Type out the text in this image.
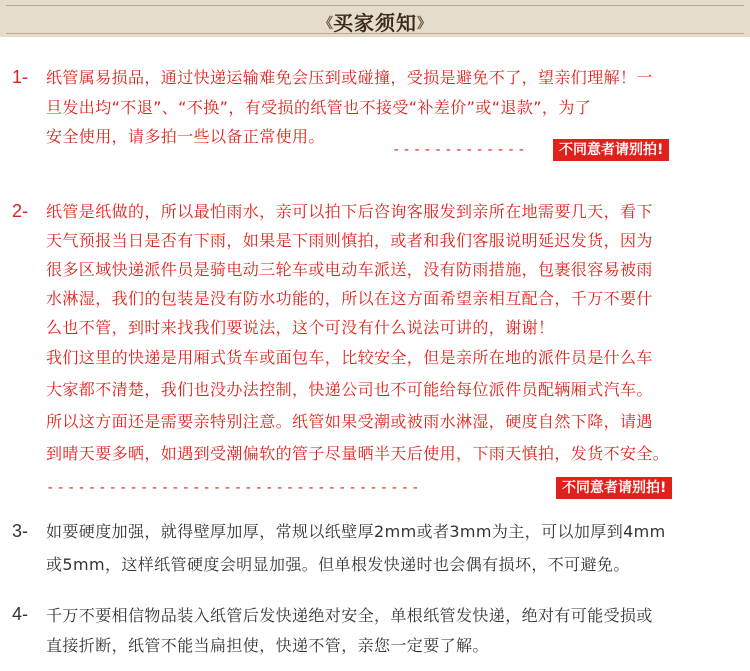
《买家须知》
1- 纸管属易损品，通过快递运输难免会压到或碰撞，受损是避免不了，望亲们理解！一
旦发出均“不退”、“不换”，有受损的纸管也不接受“补差价”或“退款”，为了
安全使用，请多拍一些以备正常使用。
-------------	不同意者请别拍!
2- 纸管是纸做的，所以最怕雨水，亲可以拍下后咨询客服发到亲所在地需要几天，看下
天气预报当日是否有下雨，如果是下雨则慎拍，或者和我们客服说明延迟发货，因为
很多区域快递派件员是骑电动三轮车或电动车派送，没有防雨措施，包裹很容易被雨
水淋湿，我们的包装是没有防水功能的，所以在这方面希望亲相互配合，千万不要什
么也不管，到时来找我们要说法，这个可没有什么说法可讲的，谢谢！
我们这里的快递是用厢式货车或面包车，比较安全，但是亲所在地的派件员是什么车
大家都不清楚，我们也没办法控制，快递公司也不可能给每位派件员配辆厢式汽车。
所以这方面还是需要亲特别注意。纸管如果受潮或被雨水淋湿，硬度自然下降，请遇
到晴天要多晒，如遇到受潮偏软的管子尽量晒半天后使用，下雨天慎拍，发货不安全。
------------------------------------	不同意者请别拍!
3- 如要硬度加强，就得壁厚加厚，常规以纸壁厚2mm或者3mm为主，可以加厚到4mm
或5mm，这样纸管硬度会明显加强。但单根发快递时也会偶有损坏，不可避免。
4- 千万不要相信物品装入纸管后发快递绝对安全，单根纸管发快递，绝对有可能受损或
直接折断，纸管不能当扁担使，快递不管，亲您一定要了解。
